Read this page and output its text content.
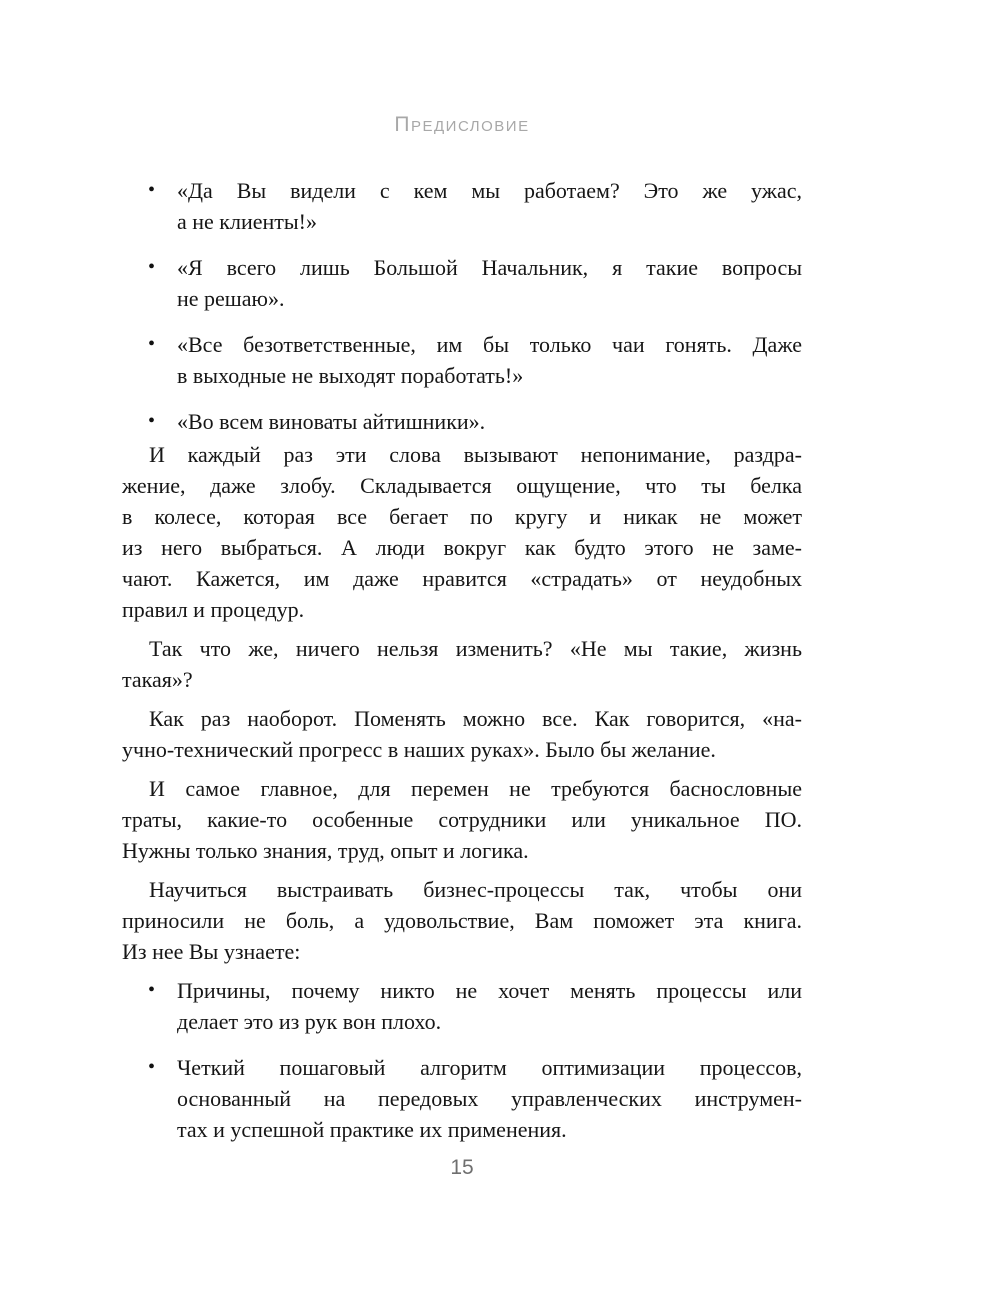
Предисловие
• «Да Вы видели с кем мы работаем? Это же ужас,
а не клиенты!»
• «Я всего лишь Большой Начальник, я такие вопросы
не решаю».
• «Все безответственные, им бы только чаи гонять. Даже
в выходные не выходят поработать!»
• «Во всем виноваты айтишники».
И каждый раз эти слова вызывают непонимание, раздра-
жение, даже злобу. Складывается ощущение, что ты белка
в колесе, которая все бегает по кругу и никак не может
из него выбраться. А люди вокруг как будто этого не заме-
чают. Кажется, им даже нравится «страдать» от неудобных
правил и процедур.
Так что же, ничего нельзя изменить? «Не мы такие, жизнь
такая»?
Как раз наоборот. Поменять можно все. Как говорится, «на-
учно-технический прогресс в наших руках». Было бы желание.
И самое главное, для перемен не требуются баснословные
траты, какие-то особенные сотрудники или уникальное ПО.
Нужны только знания, труд, опыт и логика.
Научиться выстраивать бизнес-процессы так, чтобы они
приносили не боль, а удовольствие, Вам поможет эта книга.
Из нее Вы узнаете:
• Причины, почему никто не хочет менять процессы или
делает это из рук вон плохо.
• Четкий пошаговый алгоритм оптимизации процессов,
основанный на передовых управленческих инструмен-
тах и успешной практике их применения.
15
